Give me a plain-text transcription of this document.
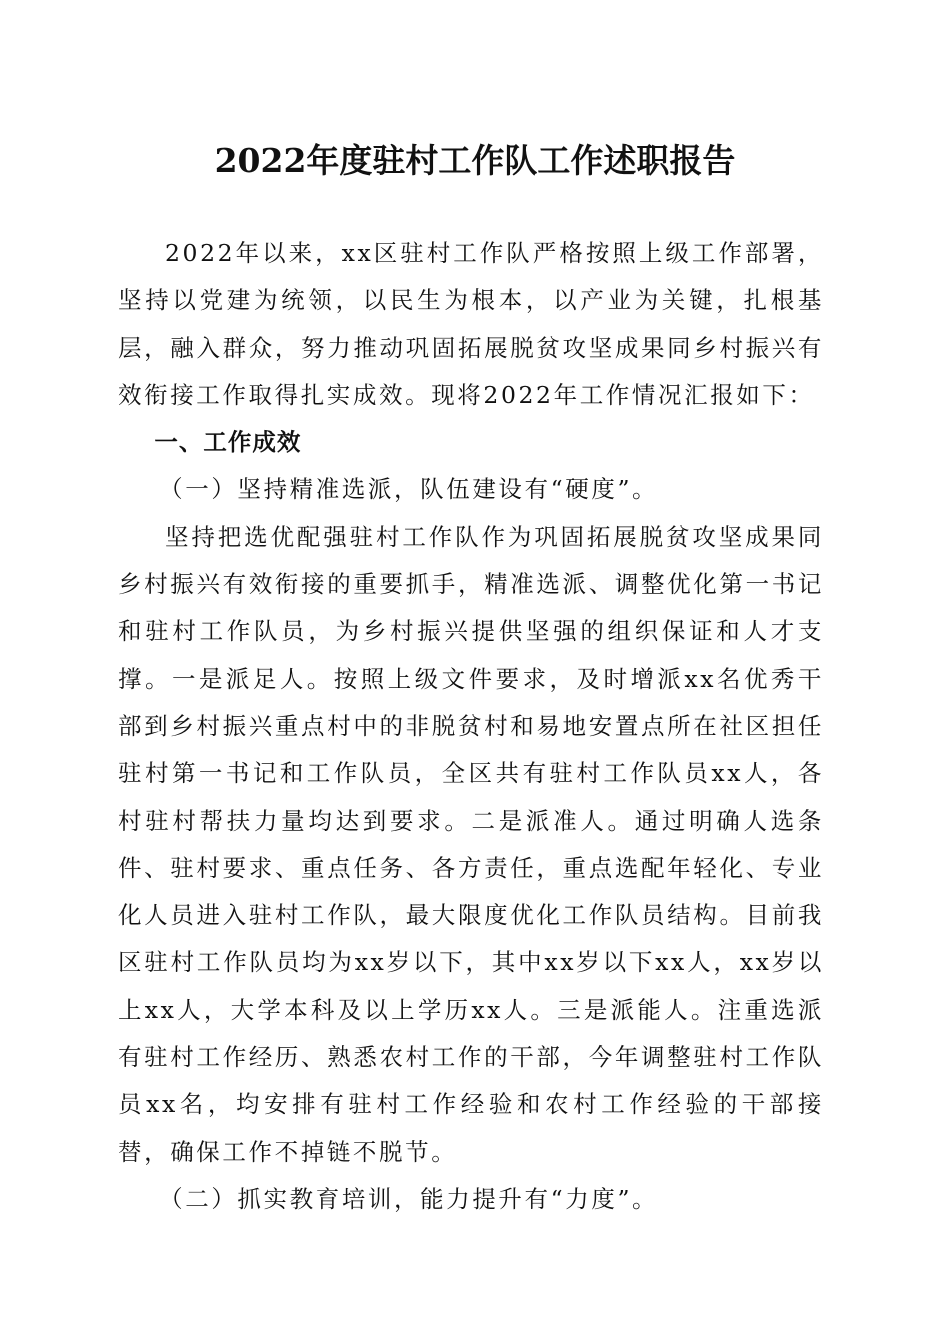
2022年度驻村工作队工作述职报告

2022年以来，xx区驻村工作队严格按照上级工作部署，坚持以党建为统领，以民生为根本，以产业为关键，扎根基层，融入群众，努力推动巩固拓展脱贫攻坚成果同乡村振兴有效衔接工作取得扎实成效。现将2022年工作情况汇报如下：

一、工作成效

（一）坚持精准选派，队伍建设有“硬度”。

坚持把选优配强驻村工作队作为巩固拓展脱贫攻坚成果同乡村振兴有效衔接的重要抓手，精准选派、调整优化第一书记和驻村工作队员，为乡村振兴提供坚强的组织保证和人才支撑。一是派足人。按照上级文件要求，及时增派xx名优秀干部到乡村振兴重点村中的非脱贫村和易地安置点所在社区担任驻村第一书记和工作队员，全区共有驻村工作队员xx人，各村驻村帮扶力量均达到要求。二是派准人。通过明确人选条件、驻村要求、重点任务、各方责任，重点选配年轻化、专业化人员进入驻村工作队，最大限度优化工作队员结构。目前我区驻村工作队员均为xx岁以下，其中xx岁以下xx人，xx岁以上xx人，大学本科及以上学历xx人。三是派能人。注重选派有驻村工作经历、熟悉农村工作的干部，今年调整驻村工作队员xx名，均安排有驻村工作经验和农村工作经验的干部接替，确保工作不掉链不脱节。

（二）抓实教育培训，能力提升有“力度”。
